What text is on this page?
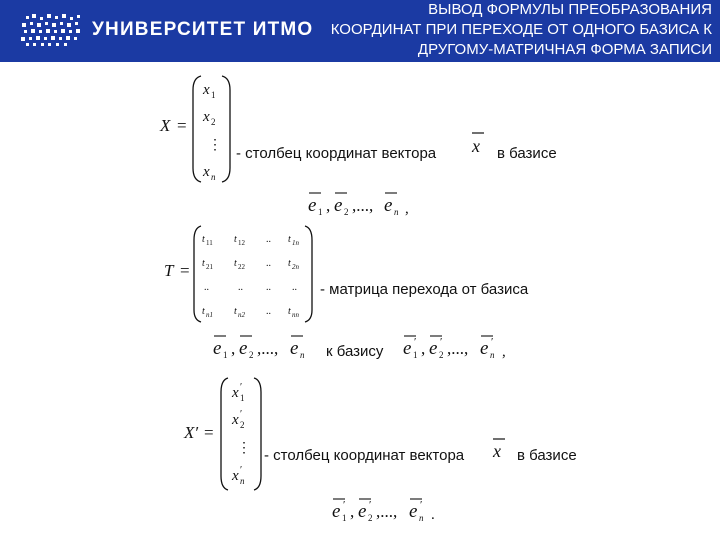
УНИВЕРСИТЕТ ИТМО
ВЫВОД ФОРМУЛЫ ПРЕОБРАЗОВАНИЯ
КООРДИНАТ ПРИ ПЕРЕХОДЕ ОТ ОДНОГО БАЗИСА К
ДРУГОМУ-МАТРИЧНАЯ ФОРМА ЗАПИСИ
X =
x 1
x 2
⋮
x n
- столбец координат вектора x в базисе
e 1 , e 2 ,..., e n ,
T =
t 11 t 12 .. t 1n
t 21 t 22 .. t 2n
..	.. .. ..
t n1 t n2 .. t nn
- матрица перехода от базиса
e 1 , e 2 ,..., e n к базису e ′
1 , e ′
2 ,..., e ′
n ,
X′ =
x ′
1
x ′
2
⋮
x ′
n
- столбец координат вектора x в базисе
e ′
1 , e ′
2 ,..., e ′
n .
